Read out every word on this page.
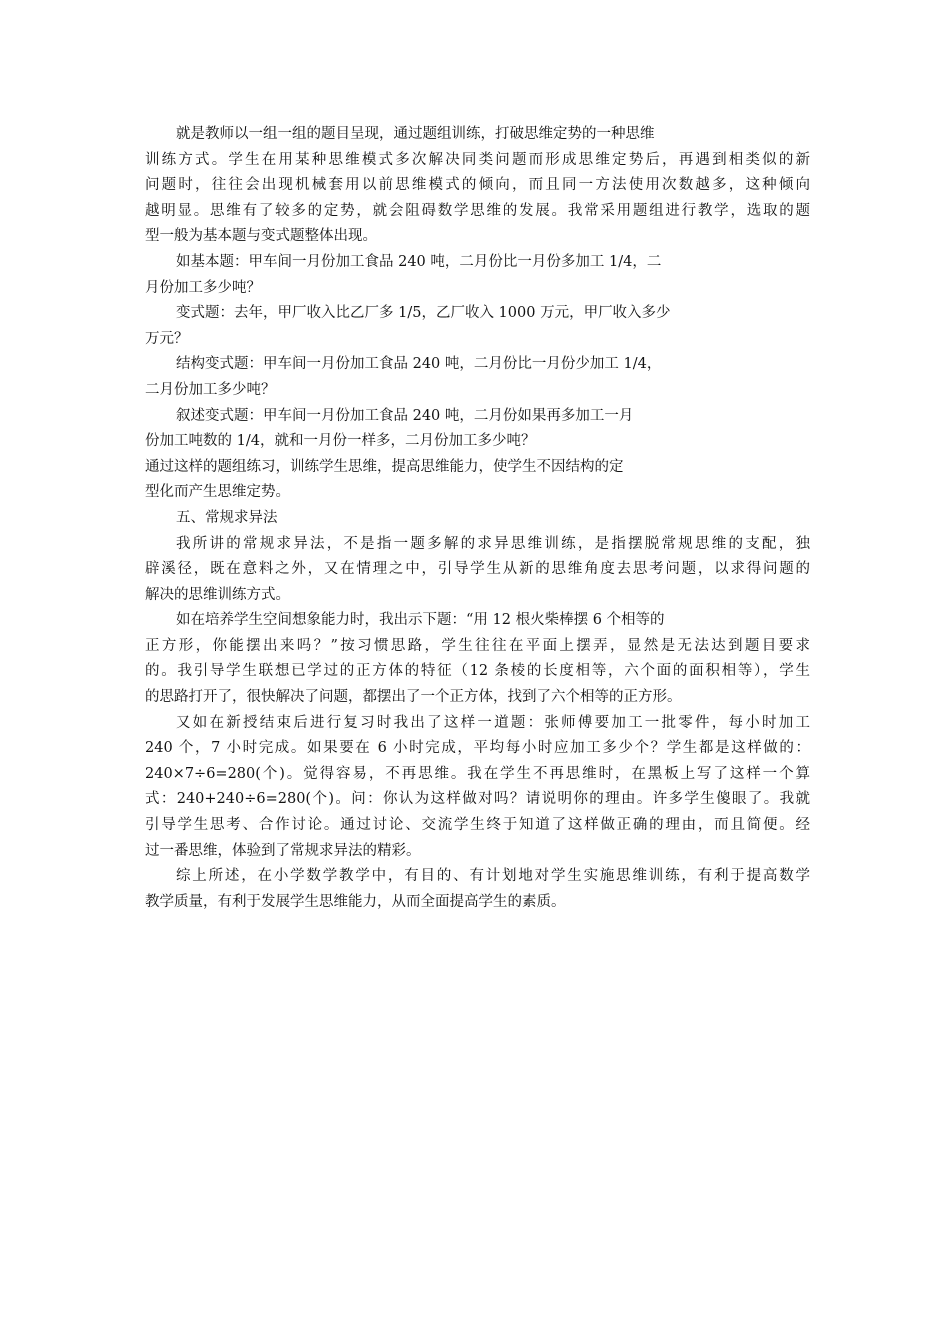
就是教师以一组一组的题目呈现，通过题组训练，打破思维定势的一种思维
训练方式。学生在用某种思维模式多次解决同类问题而形成思维定势后，再遇到相类似的新
问题时，往往会出现机械套用以前思维模式的倾向，而且同一方法使用次数越多，这种倾向
越明显。思维有了较多的定势，就会阻碍数学思维的发展。我常采用题组进行教学，选取的题
型一般为基本题与变式题整体出现。
如基本题：甲车间一月份加工食品 240 吨，二月份比一月份多加工 1/4，二
月份加工多少吨？
变式题：去年，甲厂收入比乙厂多 1/5，乙厂收入 1000 万元，甲厂收入多少
万元？
结构变式题：甲车间一月份加工食品 240 吨，二月份比一月份少加工 1/4，
二月份加工多少吨？
叙述变式题：甲车间一月份加工食品 240 吨，二月份如果再多加工一月
份加工吨数的 1/4，就和一月份一样多，二月份加工多少吨？
通过这样的题组练习，训练学生思维，提高思维能力，使学生不因结构的定
型化而产生思维定势。
五、常规求异法
我所讲的常规求异法，不是指一题多解的求异思维训练，是指摆脱常规思维的支配，独
辟溪径，既在意料之外，又在情理之中，引导学生从新的思维角度去思考问题，以求得问题的
解决的思维训练方式。
如在培养学生空间想象能力时，我出示下题：“用 12 根火柴棒摆 6 个相等的
正方形，你能摆出来吗？”按习惯思路，学生往往在平面上摆弄，显然是无法达到题目要求
的。我引导学生联想已学过的正方体的特征（12 条棱的长度相等，六个面的面积相等），学生
的思路打开了，很快解决了问题，都摆出了一个正方体，找到了六个相等的正方形。
又如在新授结束后进行复习时我出了这样一道题：张师傅要加工一批零件，每小时加工
240 个，7 小时完成。如果要在 6 小时完成，平均每小时应加工多少个？学生都是这样做的：
240×7÷6=280(个)。觉得容易，不再思维。我在学生不再思维时，在黑板上写了这样一个算
式：240+240÷6=280(个)。问：你认为这样做对吗？请说明你的理由。许多学生傻眼了。我就
引导学生思考、合作讨论。通过讨论、交流学生终于知道了这样做正确的理由，而且简便。经
过一番思维，体验到了常规求异法的精彩。
综上所述，在小学数学教学中，有目的、有计划地对学生实施思维训练，有利于提高数学
教学质量，有利于发展学生思维能力，从而全面提高学生的素质。
